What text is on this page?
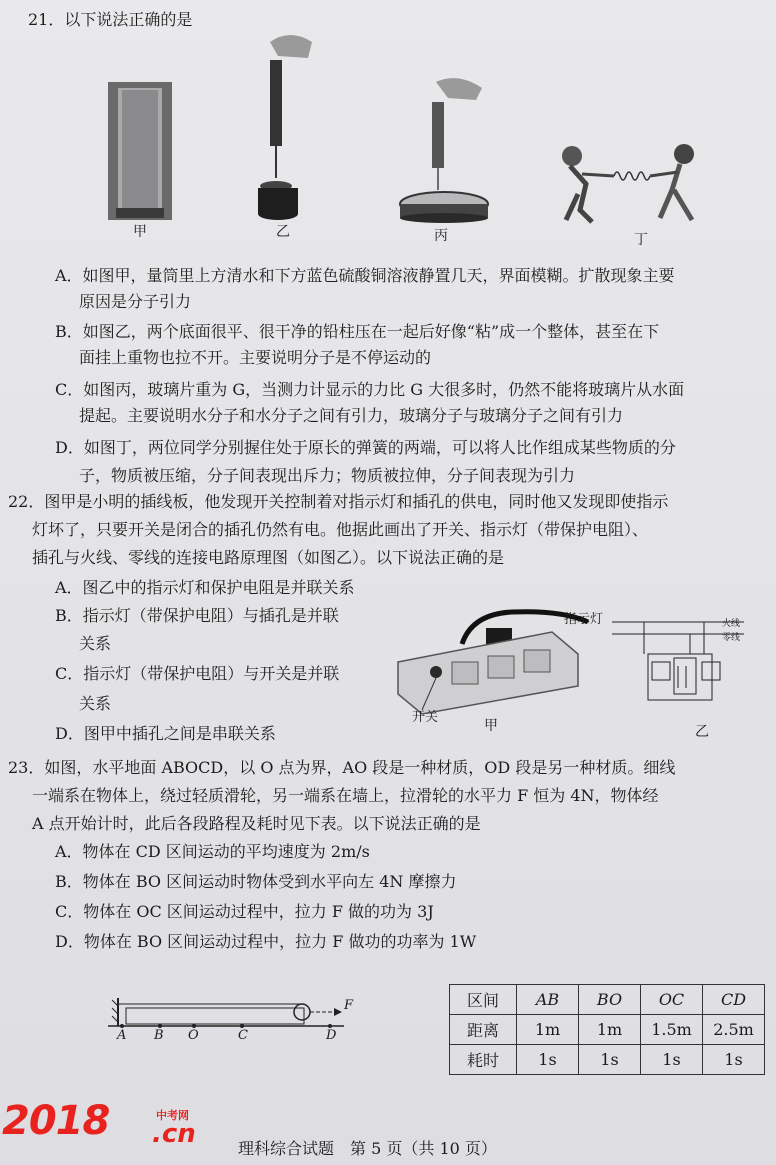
21．以下说法正确的是
甲	乙	丙	丁
A．如图甲，量筒里上方清水和下方蓝色硫酸铜溶液静置几天，界面模糊。扩散现象主要
原因是分子引力
B．如图乙，两个底面很平、很干净的铅柱压在一起后好像“粘”成一个整体，甚至在下
面挂上重物也拉不开。主要说明分子是不停运动的
C．如图丙，玻璃片重为 G，当测力计显示的力比 G 大很多时，仍然不能将玻璃片从水面
提起。主要说明水分子和水分子之间有引力，玻璃分子与玻璃分子之间有引力
D．如图丁，两位同学分别握住处于原长的弹簧的两端，可以将人比作组成某些物质的分
子，物质被压缩，分子间表现出斥力；物质被拉伸，分子间表现为引力
22．图甲是小明的插线板，他发现开关控制着对指示灯和插孔的供电，同时他又发现即使指示
灯坏了，只要开关是闭合的插孔仍然有电。他据此画出了开关、指示灯（带保护电阻）、
插孔与火线、零线的连接电路原理图（如图乙）。以下说法正确的是
A．图乙中的指示灯和保护电阻是并联关系
B．指示灯（带保护电阻）与插孔是并联
关系
C．指示灯（带保护电阻）与开关是并联
关系
D．图甲中插孔之间是串联关系
指示灯
开关
甲
火线
零线
乙
23．如图，水平地面 ABOCD，以 O 点为界，AO 段是一种材质，OD 段是另一种材质。细线
一端系在物体上，绕过轻质滑轮，另一端系在墙上，拉滑轮的水平力 F 恒为 4N，物体经
A 点开始计时，此后各段路程及耗时见下表。以下说法正确的是
A．物体在 CD 区间运动的平均速度为 2m/s
B．物体在 BO 区间运动时物体受到水平向左 4N 摩擦力
C．物体在 OC 区间运动过程中，拉力 F 做的功为 3J
D．物体在 BO 区间运动过程中，拉力 F 做功的功率为 1W
F
A B O	C	D
区间	AB	BO	OC	CD
距离	1m	1m	1.5m	2.5m
耗时	1s	1s	1s	1s
2018	中考网
.cn	理科综合试题　第 5 页（共 10 页）
